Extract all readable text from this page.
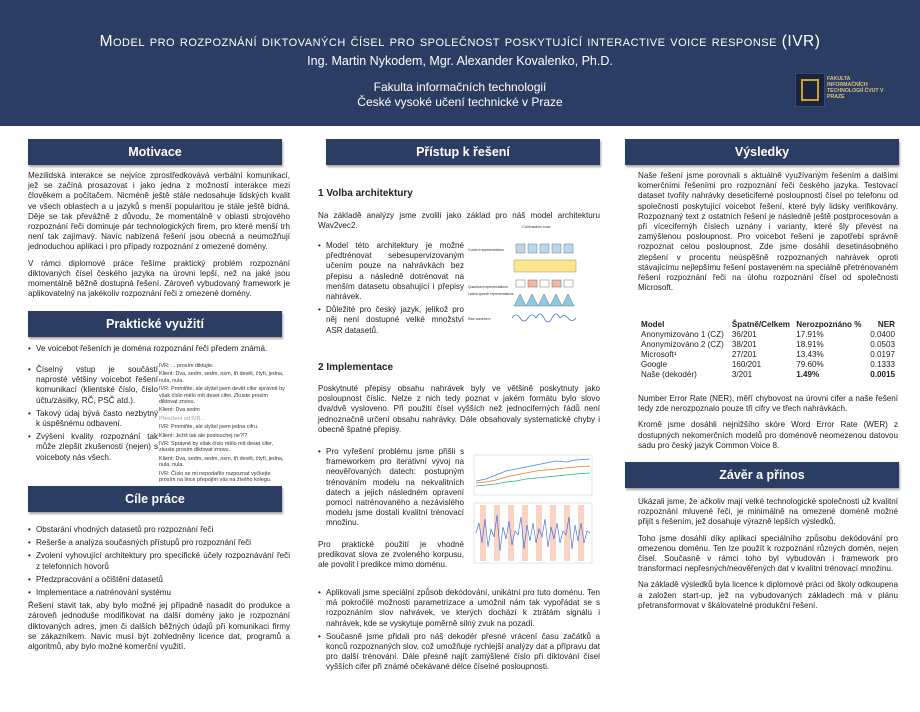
Model pro rozpoznání diktovaných čísel pro společnost poskytující interactive voice response (IVR)
Ing. Martin Nykodem, Mgr. Alexander Kovalenko, Ph.D.
Fakulta informačních technologií
České vysoké učení technické v Praze
FAKULTA INFORMAČNÍCH TECHNOLOGIÍ ČVUT V PRAZE
Motivace

Mezilidská interakce se nejvíce zprostředkovává verbální komunikací, jež se začíná prosazovat i jako jedna z možností interakce mezi člověkem a počítačem. Nicméně ještě stále nedosahuje lidských kvalit ve všech oblastech a u jazyků s menší popularitou je stále ještě bídná. Děje se tak převážně z důvodu, že momentálně v oblasti strojového rozpoznání řeči dominuje pár technologických firem, pro které menší trh není tak zajímavý. Navíc nabízená řešení jsou obecná a neumožňují jednoduchou aplikaci i pro případy rozpoznání z omezené domény.

V rámci diplomové práce řešíme praktický problém rozpoznání diktovaných čísel českého jazyka na úrovni lepší, než na jaké jsou momentálně běžně dostupná řešení. Zároveň vybudovaný framework je aplikovatelný na jakékoliv rozpoznání řeči z omezené domény.

Praktické využití
• Ve voicebot řešeních je doména rozpoznání řeči předem známá.
• Číselný vstup je součástí naprosté většiny voicebot řešení komunikací (klientské číslo, číslo účtu/zásilky, RČ, PSČ atd.).
• Takový údaj bývá často nezbytný k úspěšnému odbavení.
• Zvýšení kvality rozpoznání tak může zlepšit zkušenosti (nejen) s voiceboty nás všech.
IVR: ... prosím diktujte.
Klient: Dva, sedm, sedm, osm, tři devět, čtyři, jedna, nula, nula.
IVR: Promiňte, ale slyšel jsem devět cifer správně by však číslo mělo mít deset cifer. Zkuste prosím diktovat znovu.
Klient: Dva sedm
Přerušení od IVR...
IVR: Promiňte, ale slyšel jsem jedna cifru.
Klient: Ježiš tak ale poslouchej ne?!?
IVR: Správně by však číslo mělo mít deset cifer, zkuste prosím diktovat znovu.
Klient: Dva, sedm, sedm, osm, tři devět, čtyři, jedna, nula, nula.
IVR: Číslo se mi nepodařilo rozpoznat vyčkejte prosím na lince přepojím vás na živého kolegu.
Cíle práce
• Obstarání vhodných datasetů pro rozpoznání řeči
• Rešerše a analýza současných přístupů pro rozpoznání řeči
• Zvolení vyhovující architektury pro specifické účely rozpoznávání řeči z telefonních hovorů
• Předzpracování a očištění datasetů
• Implementace a natrénování systému

Řešení stavit tak, aby bylo možné jej případně nasadit do produkce a zároveň jednoduše modifikovat na další domény jako je rozpoznání diktovaných adres, jmen či dalších běžných údajů při komunikaci firmy se zákazníkem. Navíc musí být zohledněny licence dat, programů a algoritmů, aby bylo možné komerční využití.

Přístup k řešení
1 Volba architektury
Na základě analýzy jsme zvolili jako základ pro náš model architekturu Wav2vec2.
• Model této architektury je možné předtrénovat sebesupervizovaným učením pouze na nahrávkách bez přepisu a následně dotrénovat na menším datasetu obsahující i přepisy nahrávek.
• Důležité pro český jazyk, jelikož pro něj není dostupné velké množství ASR datasetů.
Contrastive loss
Context representations
Quantized representations
Latent speech representations
Raw waveform
2 Implementace
Poskytnuté přepisy obsahu nahrávek byly ve většině poskytnuty jako posloupnost číslic. Nelze z nich tedy poznat v jakém formátu bylo slovo dva/dvě vysloveno. Při použití čísel vyšších než jednociferných řádů není jednoznačně určení obsahu nahrávky. Dále obsahovaly systematické chyby i obecně špatné přepisy.
• Pro vyřešení problému jsme přišli s frameworkem pro iterativní vývoj na neověřovaných datech: postupným trénováním modelu na nekvalitních datech a jejich následném opravení pomocí natrénovaného a nezávislého modelu jsme dostali kvalitní trénovací množinu.
Pro praktické použití je vhodné predikovat slova ze zvoleného korpusu, ale povolit i predikce mimo doménu.
• Aplikovali jsme speciální způsob dekódování, unikátní pro tuto doménu. Ten má pokročilé možnosti parametrizace a umožnil nám tak vypořádat se s rozpoznáním slov nahrávek, ve kterých dochází k ztrátám signálu i nahrávek, kde se vyskytuje poměrně silný zvuk na pozadí.
• Současně jsme přidali pro náš dekodér přesné vrácení času začátků a konců rozpoznaných slov, což umožňuje rychlejší analýzy dat a přípravu dat pro další trénování. Dále přesně najít zamýšlené číslo při diktování čísel vyšších cifer při známé očekávané délce číselné posloupnosti.
Výsledky
Naše řešení jsme porovnali s aktuálně využívaným řešením a dalšími komerčními řešeními pro rozpoznání řeči českého jazyka. Testovací dataset tvořily nahrávky deseticiferné posloupnosti čísel po telefonu od společnosti poskytující voicebot řešení, které byly lidsky verifikovány. Rozpoznaný text z ostatních řešení je následně ještě postprocesován a při vícecifernýh číslech uznány i varianty, které šly převést na zamýšlenou posloupnost. Pro voicebot řešení je zapotřebí správně rozpoznat celou posloupnost. Zde jsme dosáhli desetinásobného zlepšení v procentu neúspěšně rozpoznaných nahrávek oproti stávajícímu nejlepšímu řešení postaveném na speciálně přetrénovaném řešení rozpoznání řeči na úlohu rozpoznání čísel od společnosti Microsoft.
Model	Špatně/Celkem	Nerozpoznáno %	NER
Anonymizováno 1 (CZ)	36/201	17.91%	0.0400
Anonymizováno 2 (CZ)	38/201	18.91%	0.0503
Microsoft¹	27/201	13.43%	0.0197
Google	160/201	79.60%	0.1333
Naše (dekodér)	3/201	1.49%	0.0015

Number Error Rate (NER), měří chybovost na úrovni cifer a naše řešení tedy zde nerozpoznalo pouze tři cifry ve třech nahrávkách.

Kromě jsme dosáhli nejnižšího skóre Word Error Rate (WER) z dostupných nekomerčních modelů pro doménově neomezenou datovou sadu pro český jazyk Common Voice 8.

Závěr a přínos

Ukázali jsme, že ačkoliv mají velké technologické společnosti už kvalitní rozpoznání mluvené řeči, je minimálně na omezené doméně možné přijít s řešením, jež dosahuje výrazně lepších výsledků.

Toho jsme dosáhli díky aplikaci speciálního způsobu dekódování pro omezenou doménu. Ten lze použít k rozpoznání různých domén, nejen čísel. Současně v rámci toho byl vybudován i framework pro transformaci nepřesných/neověřených dat v kvalitní trénovací množinu.

Na základě výsledků byla licence k diplomové práci od školy odkoupena a založen start-up, jež na vybudovaných základech má v plánu přetransformovat v škálovatelné produkční řešení.
